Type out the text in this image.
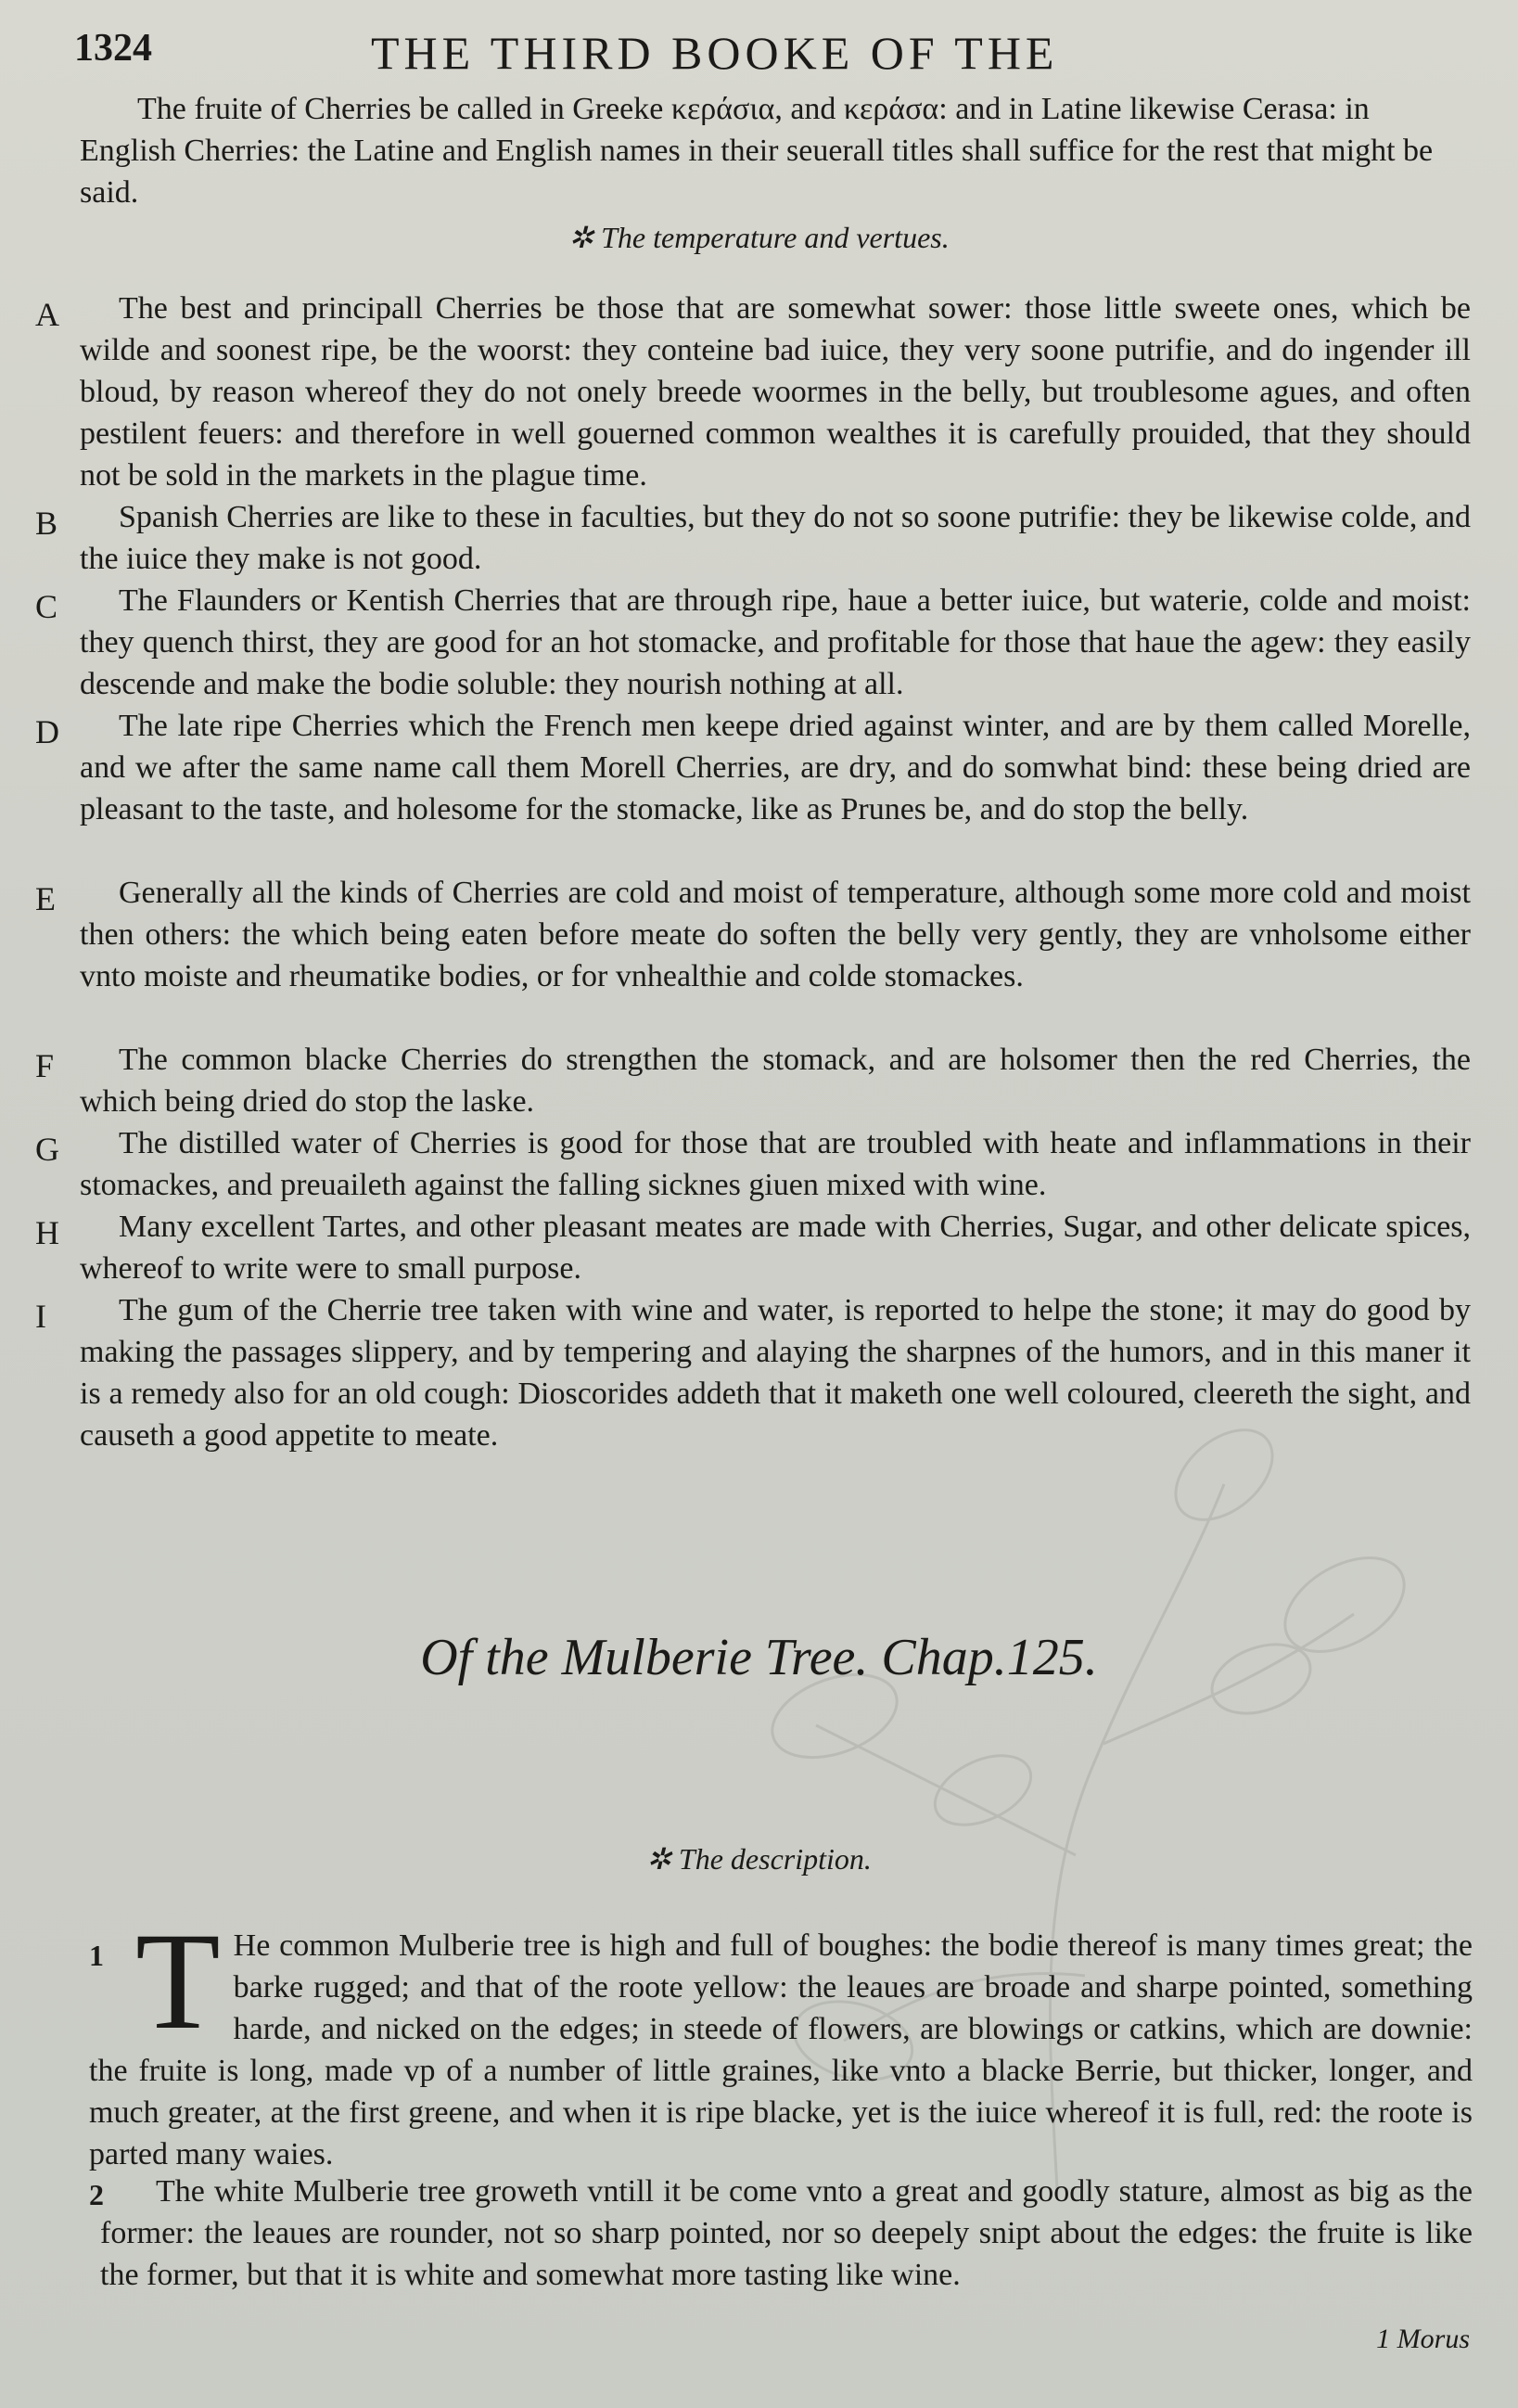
1324	THE THIRD BOOKE OF THE
The fruite of Cherries be called in Greeke κεράσια, and κεράσα: and in Latine likewise Cerasa: in English Cherries: the Latine and English names in their seuerall titles shall suffice for the rest that might be said.
✲ The temperature and vertues.
A	The best and principall Cherries be those that are somewhat sower: those little sweete ones, which be wilde and soonest ripe, be the woorst: they conteine bad iuice, they very soone putrifie, and do ingender ill bloud, by reason whereof they do not onely breede woormes in the belly, but troublesome agues, and often pestilent feuers: and therefore in well gouerned common wealthes it is carefully prouided, that they should not be sold in the markets in the plague time.
B	Spanish Cherries are like to these in faculties, but they do not so soone putrifie: they be likewise colde, and the iuice they make is not good.
C	The Flaunders or Kentish Cherries that are through ripe, haue a better iuice, but waterie, colde and moist: they quench thirst, they are good for an hot stomacke, and profitable for those that haue the agew: they easily descende and make the bodie soluble: they nourish nothing at all.
D	The late ripe Cherries which the French men keepe dried against winter, and are by them called Morelle, and we after the same name call them Morell Cherries, are dry, and do somwhat bind: these being dried are pleasant to the taste, and holesome for the stomacke, like as Prunes be, and do stop the belly.
E	Generally all the kinds of Cherries are cold and moist of temperature, although some more cold and moist then others: the which being eaten before meate do soften the belly very gently, they are vnholsome either vnto moiste and rheumatike bodies, or for vnhealthie and colde stomackes.
F	The common blacke Cherries do strengthen the stomack, and are holsomer then the red Cherries, the which being dried do stop the laske.
G	The distilled water of Cherries is good for those that are troubled with heate and inflammations in their stomackes, and preuaileth against the falling sicknes giuen mixed with wine.
H	Many excellent Tartes, and other pleasant meates are made with Cherries, Sugar, and other delicate spices, whereof to write were to small purpose.
I	The gum of the Cherrie tree taken with wine and water, is reported to helpe the stone; it may do good by making the passages slippery, and by tempering and alaying the sharpnes of the humors, and in this maner it is a remedy also for an old cough: Dioscorides addeth that it maketh one well coloured, cleereth the sight, and causeth a good appetite to meate.
Of the Mulberie Tree. Chap.125.
✲ The description.
1 T He common Mulberie tree is high and full of boughes: the bodie thereof is many times great; the barke rugged; and that of the roote yellow: the leaues are broade and sharpe pointed, something harde, and nicked on the edges; in steede of flowers, are blowings or catkins, which are downie: the fruite is long, made vp of a number of little graines, like vnto a blacke Berrie, but thicker, longer, and much greater, at the first greene, and when it is ripe blacke, yet is the iuice whereof it is full, red: the roote is parted many waies.
2	The white Mulberie tree groweth vntill it be come vnto a great and goodly stature, almost as big as the former: the leaues are rounder, not so sharp pointed, nor so deepely snipt about the edges: the fruite is like the former, but that it is white and somewhat more tasting like wine.
1 Morus
